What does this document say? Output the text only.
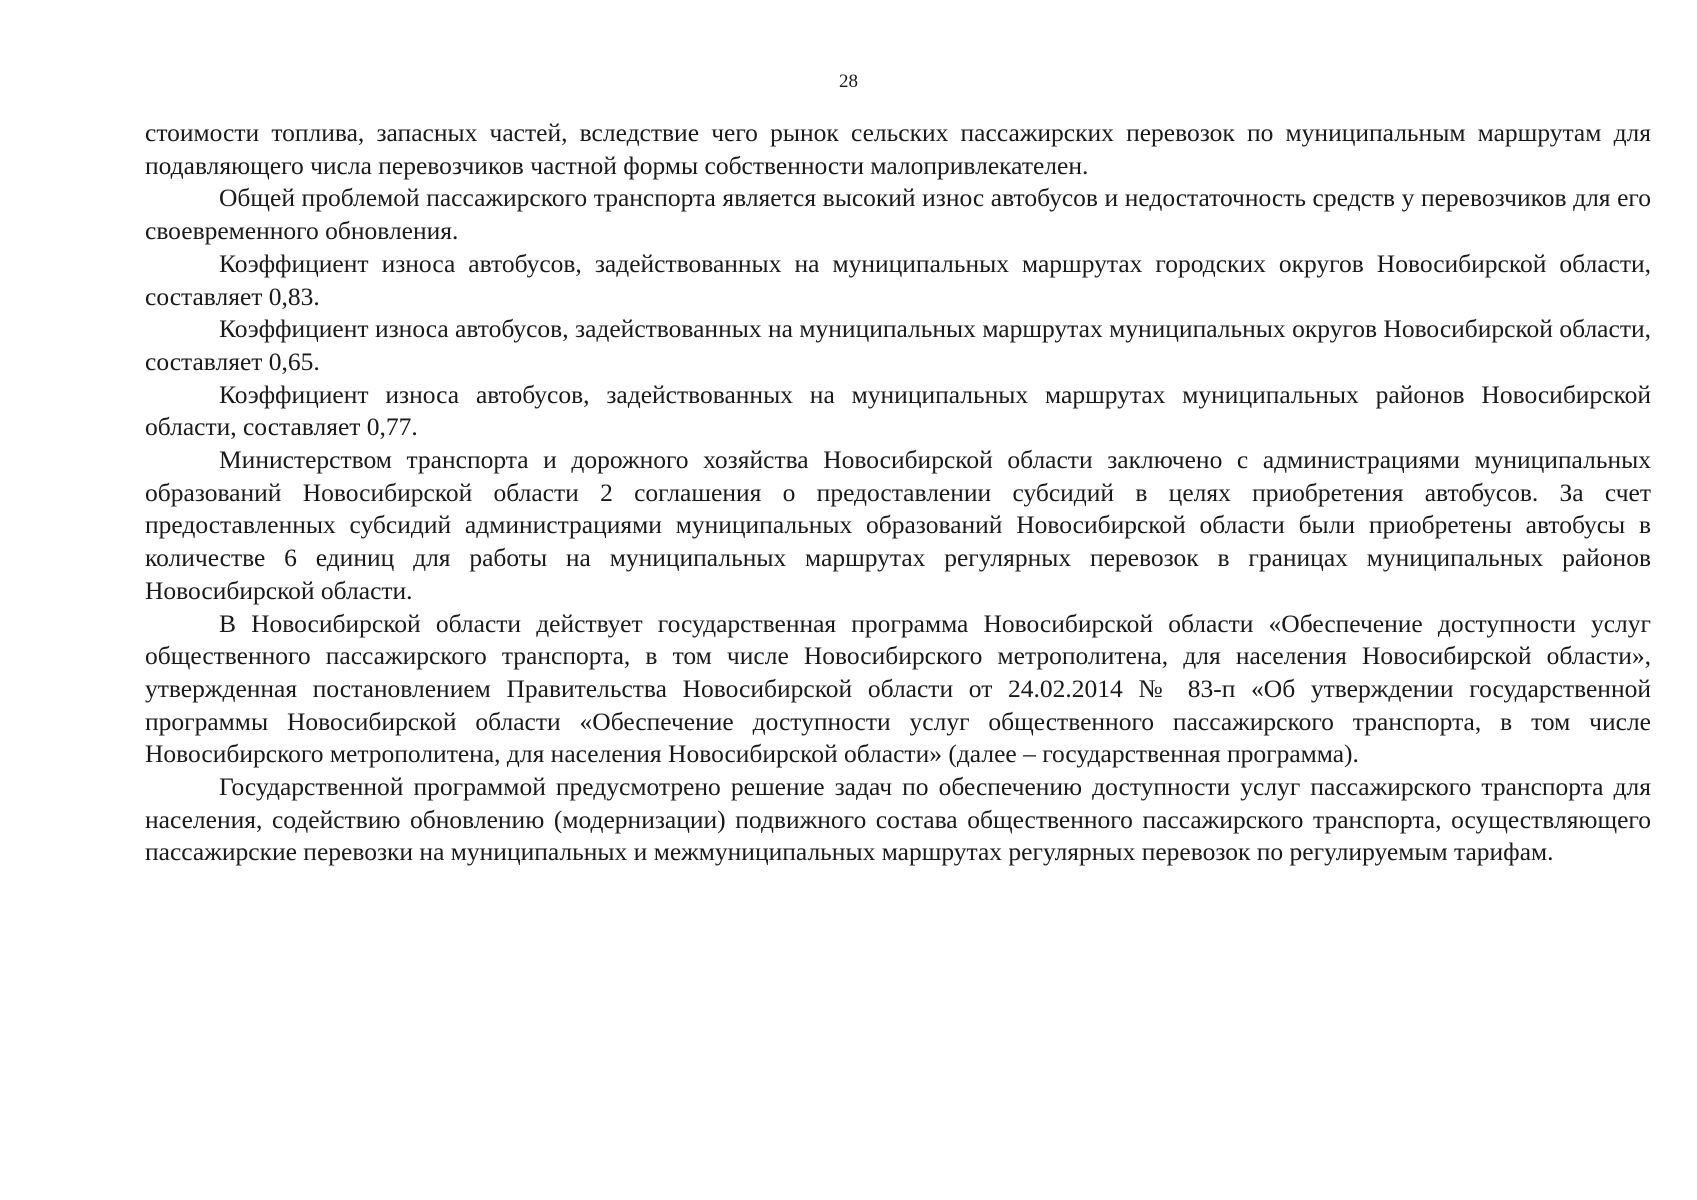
28

стоимости топлива, запасных частей, вследствие чего рынок сельских пассажирских перевозок по муниципальным маршрутам для подавляющего числа перевозчиков частной формы собственности малопривлекателен.

Общей проблемой пассажирского транспорта является высокий износ автобусов и недостаточность средств у перевозчиков для его своевременного обновления.

Коэффициент износа автобусов, задействованных на муниципальных маршрутах городских округов Новосибирской области, составляет 0,83.

Коэффициент износа автобусов, задействованных на муниципальных маршрутах муниципальных округов Новосибирской области, составляет 0,65.

Коэффициент износа автобусов, задействованных на муниципальных маршрутах муниципальных районов Новосибирской области, составляет 0,77.

Министерством транспорта и дорожного хозяйства Новосибирской области заключено с администрациями муниципальных образований Новосибирской области 2 соглашения о предоставлении субсидий в целях приобретения автобусов. За счет предоставленных субсидий администрациями муниципальных образований Новосибирской области были приобретены автобусы в количестве 6 единиц для работы на муниципальных маршрутах регулярных перевозок в границах муниципальных районов Новосибирской области.

В Новосибирской области действует государственная программа Новосибирской области «Обеспечение доступности услуг общественного пассажирского транспорта, в том числе Новосибирского метрополитена, для населения Новосибирской области», утвержденная постановлением Правительства Новосибирской области от 24.02.2014 № 83-п «Об утверждении государственной программы Новосибирской области «Обеспечение доступности услуг общественного пассажирского транспорта, в том числе Новосибирского метрополитена, для населения Новосибирской области» (далее – государственная программа).

Государственной программой предусмотрено решение задач по обеспечению доступности услуг пассажирского транспорта для населения, содействию обновлению (модернизации) подвижного состава общественного пассажирского транспорта, осуществляющего пассажирские перевозки на муниципальных и межмуниципальных маршрутах регулярных перевозок по регулируемым тарифам.
